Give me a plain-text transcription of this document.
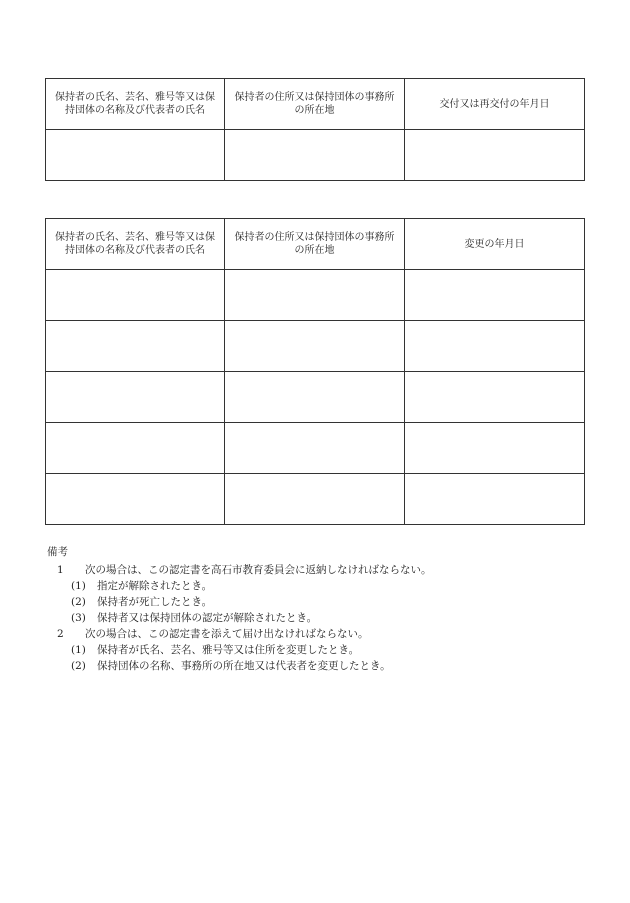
保持者の氏名、芸名、雅号等又は保持団体の名称及び代表者の氏名	保持者の住所又は保持団体の事務所の所在地	交付又は再交付の年月日

保持者の氏名、芸名、雅号等又は保持団体の名称及び代表者の氏名	保持者の住所又は保持団体の事務所の所在地	変更の年月日

備考
1	次の場合は、この認定書を高石市教育委員会に返納しなければならない。
(1)	指定が解除されたとき。
(2)	保持者が死亡したとき。
(3)	保持者又は保持団体の認定が解除されたとき。
2	次の場合は、この認定書を添えて届け出なければならない。
(1)	保持者が氏名、芸名、雅号等又は住所を変更したとき。
(2)	保持団体の名称、事務所の所在地又は代表者を変更したとき。
